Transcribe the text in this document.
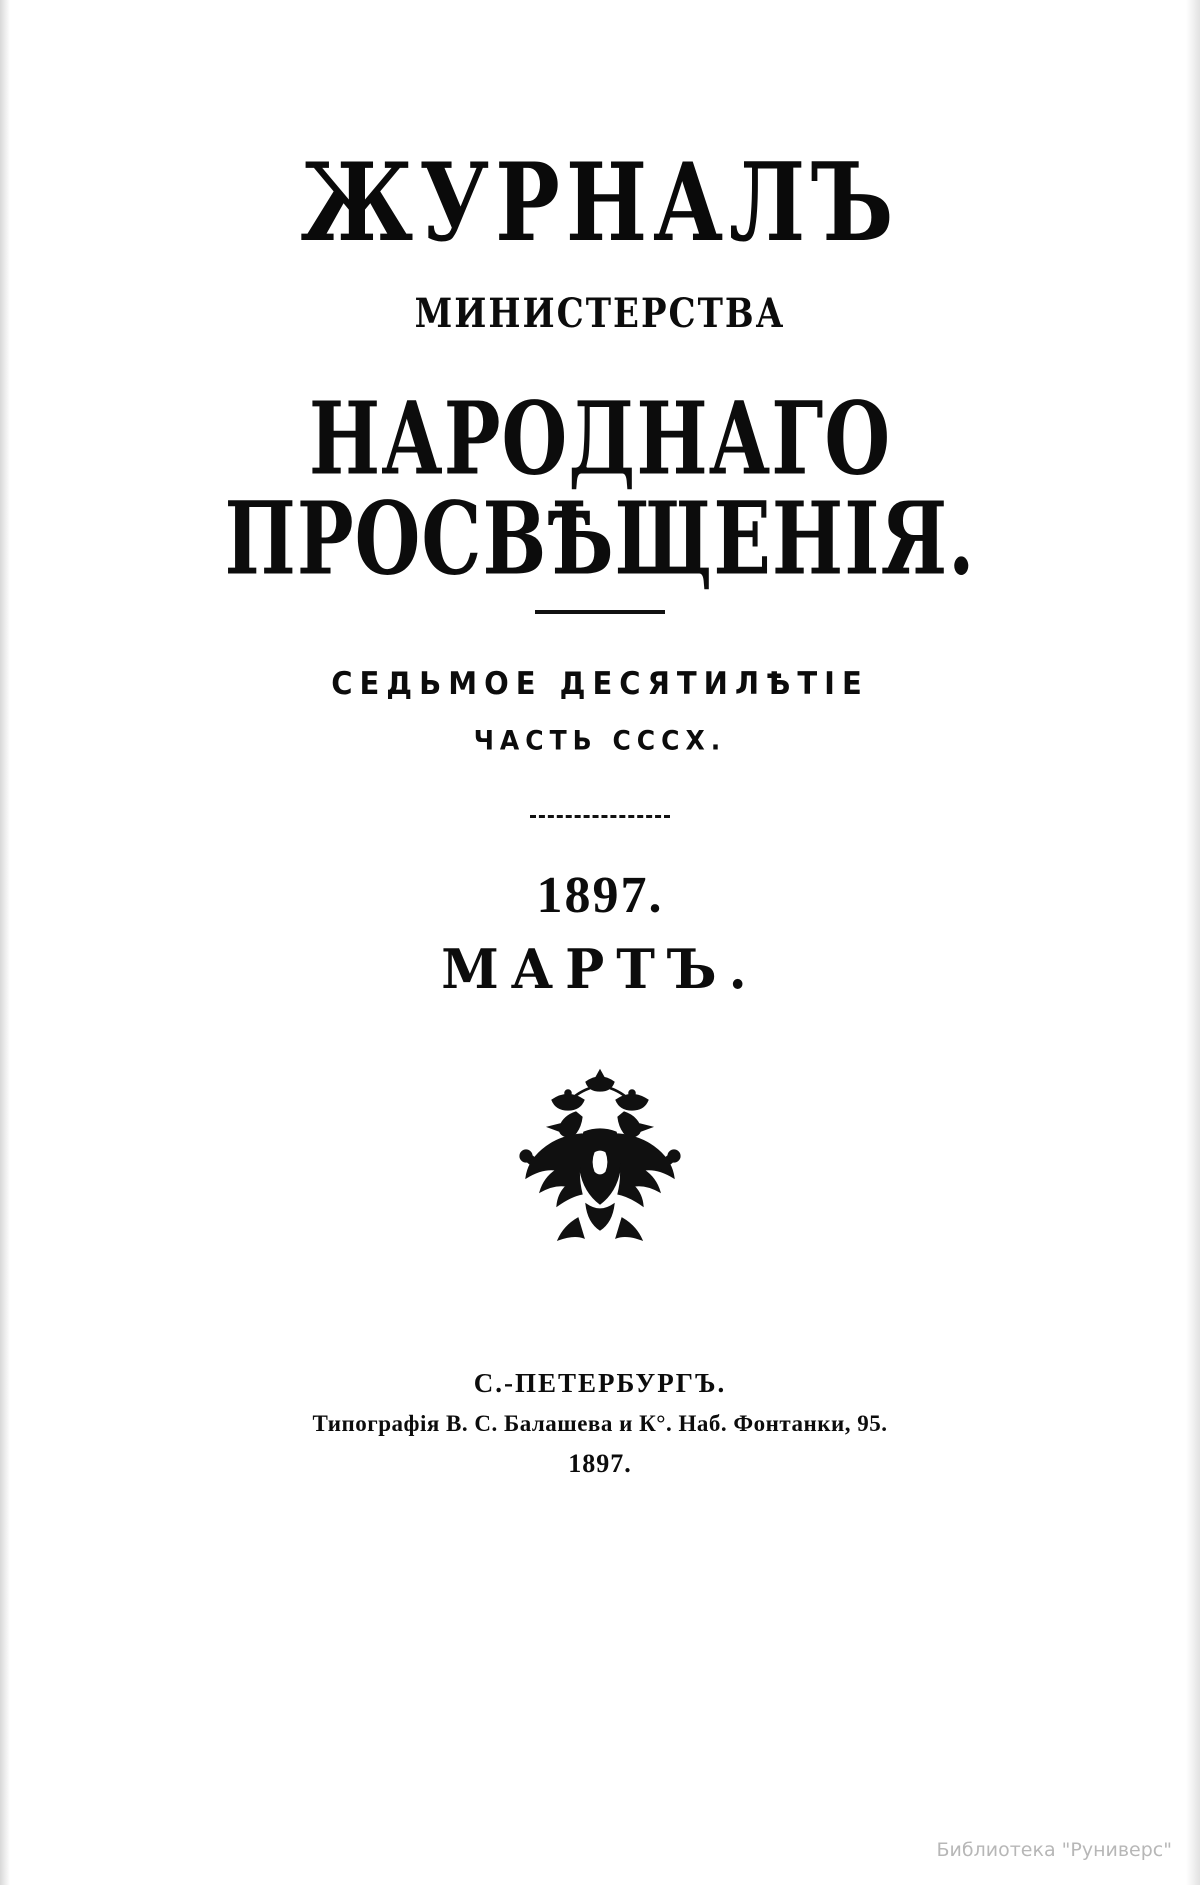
ЖУРНАЛЪ
МИНИСТЕРСТВА
НАРОДНАГО ПРОСВѢЩЕНІЯ.
СЕДЬМОЕ ДЕСЯТИЛѢТІЕ
ЧАСТЬ CCCX.
1897.
МАРТЪ.
С.-ПЕТЕРБУРГЪ.
Типографія В. С. Балашева и К°. Наб. Фонтанки, 95.
1897.
Библиотека "Руниверс"
